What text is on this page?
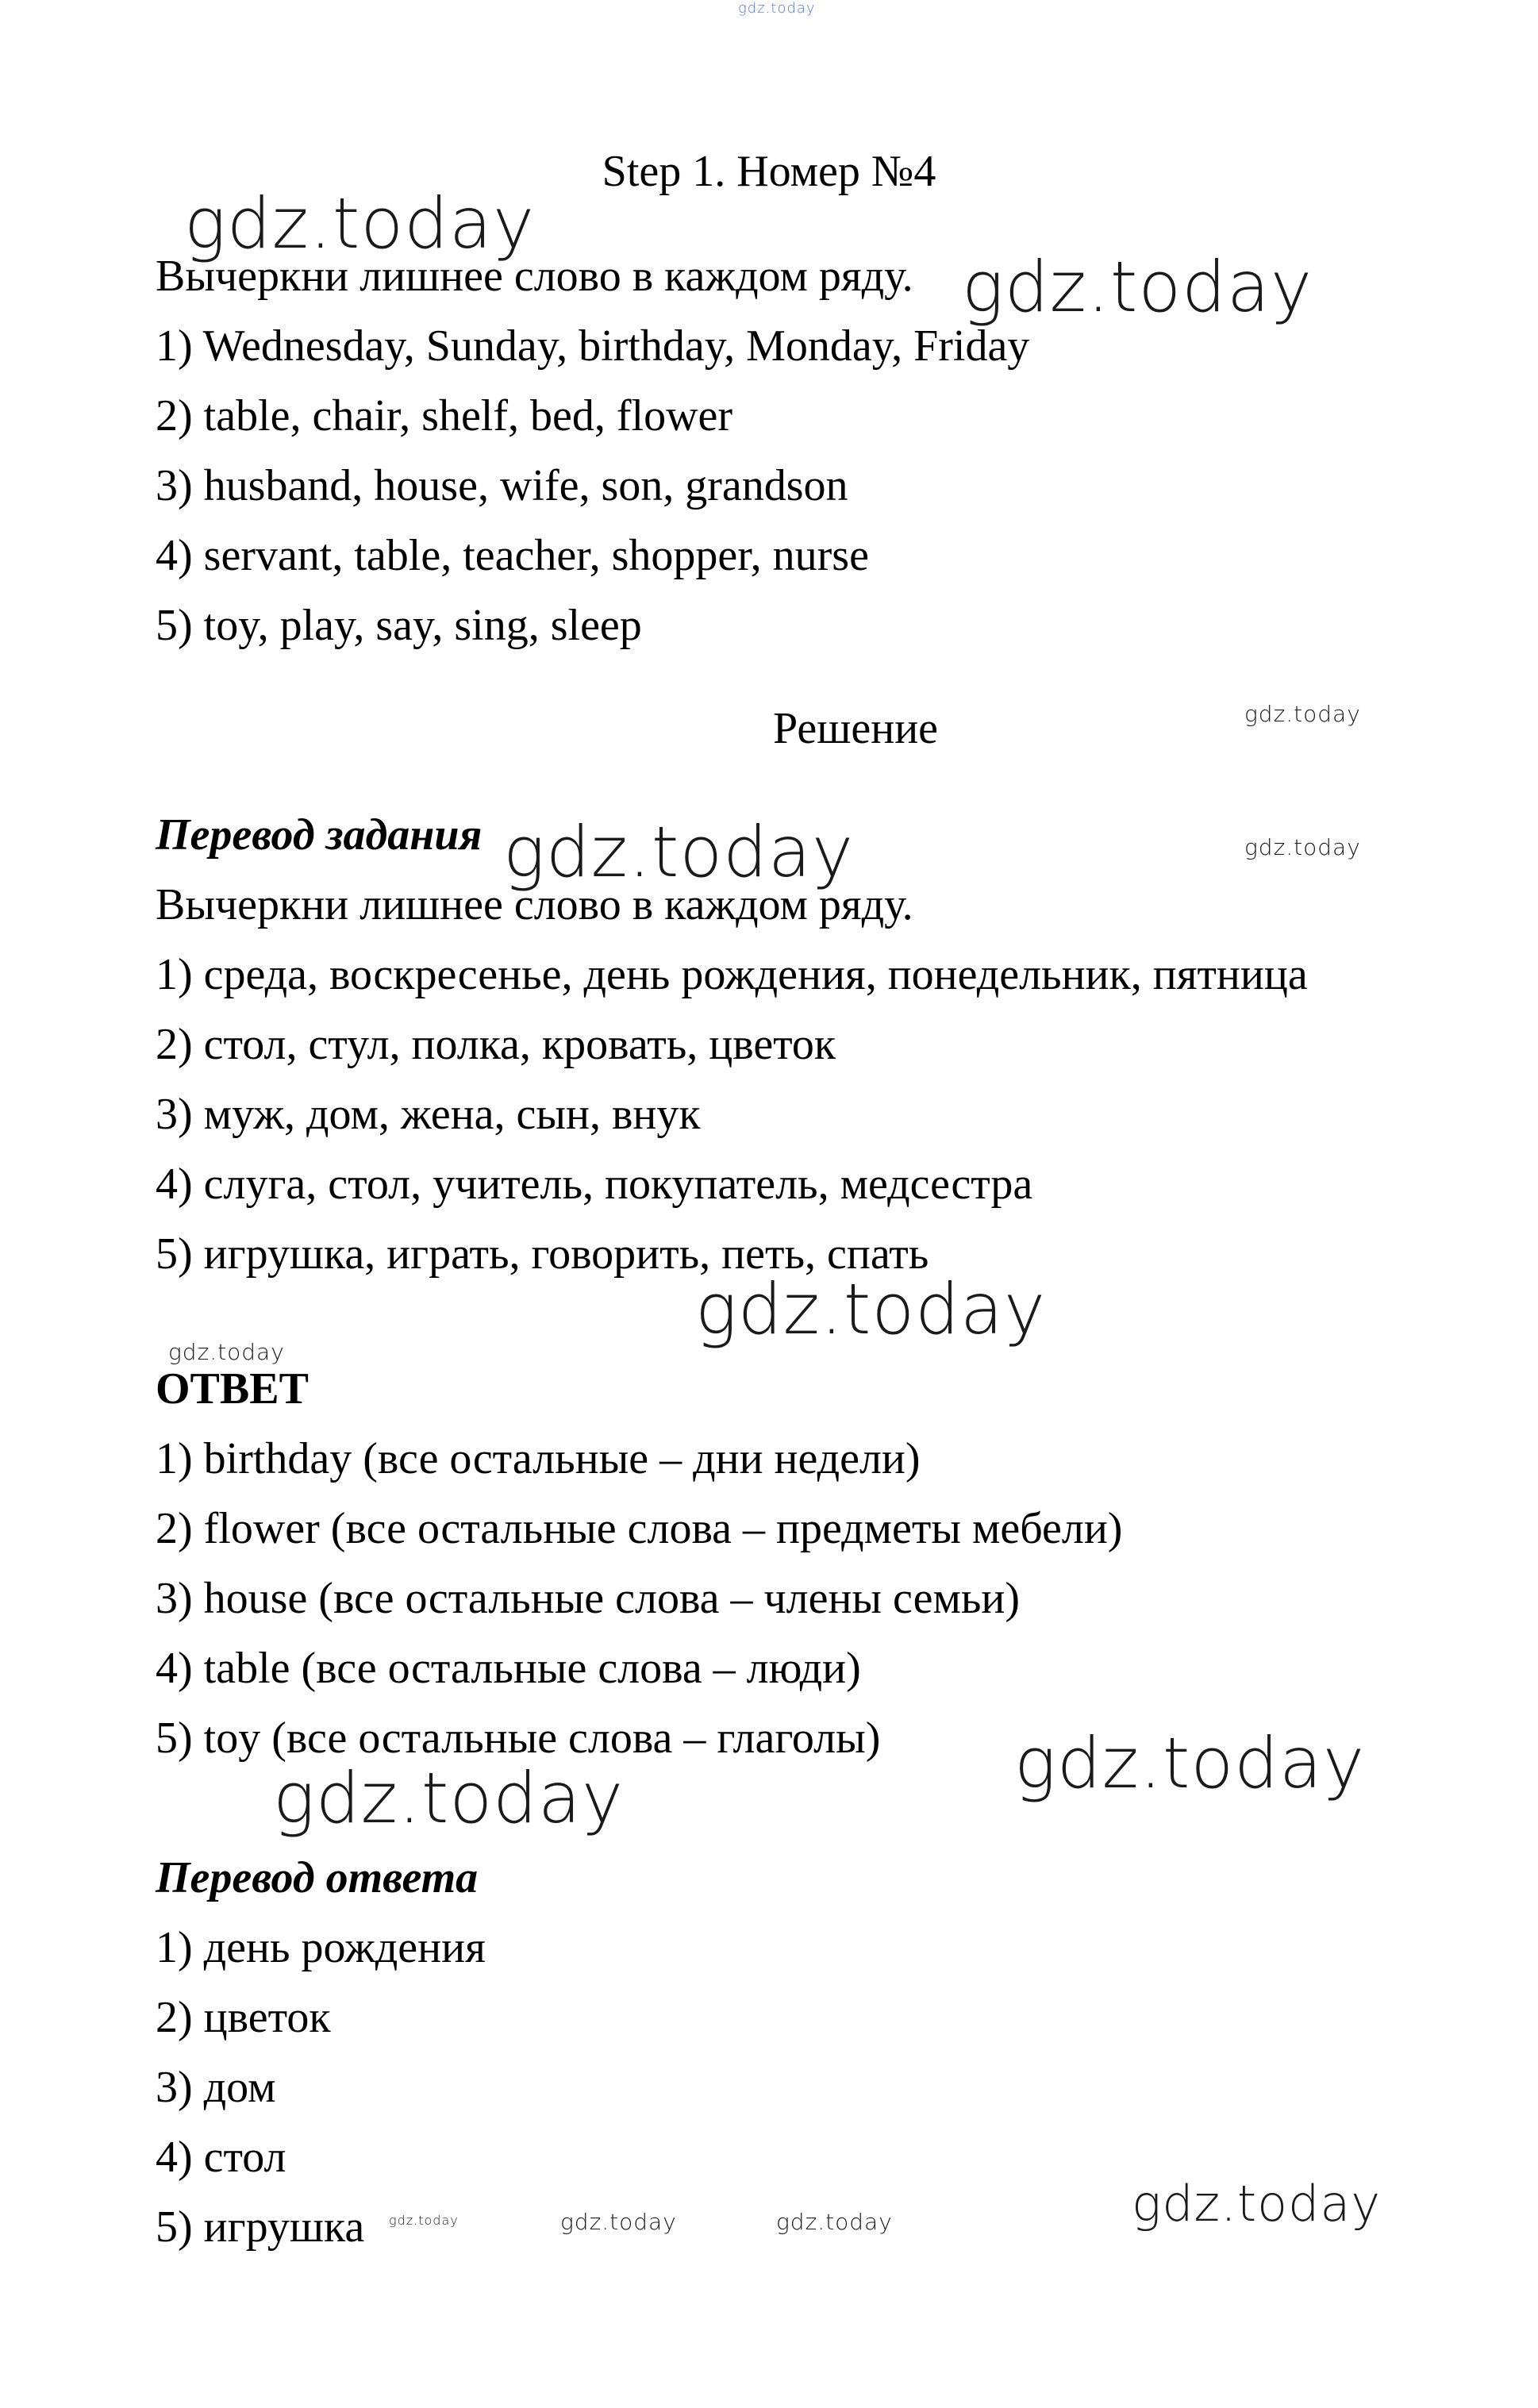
gdz.today

Step 1. Номер №4

Вычеркни лишнее слово в каждом ряду.

1) Wednesday, Sunday, birthday, Monday, Friday

2) table, chair, shelf, bed, flower

3) husband, house, wife, son, grandson

4) servant, table, teacher, shopper, nurse

5) toy, play, say, sing, sleep

Решение

Перевод задания

Вычеркни лишнее слово в каждом ряду.

1) среда, воскресенье, день рождения, понедельник, пятница

2) стол, стул, полка, кровать, цветок

3) муж, дом, жена, сын, внук

4) слуга, стол, учитель, покупатель, медсестра

5) игрушка, играть, говорить, петь, спать

ОТВЕТ

1) birthday (все остальные – дни недели)

2) flower (все остальные слова – предметы мебели)

3) house (все остальные слова – члены семьи)

4) table (все остальные слова – люди)

5) toy (все остальные слова – глаголы)

Перевод ответа

1) день рождения

2) цветок

3) дом

4) стол

5) игрушка

gdz.today
gdz.today
gdz.today
gdz.today	gdz.today
gdz.today
gdz.today
gdz.today
gdz.today
gdz.today
gdz.today	gdz.today	gdz.today
